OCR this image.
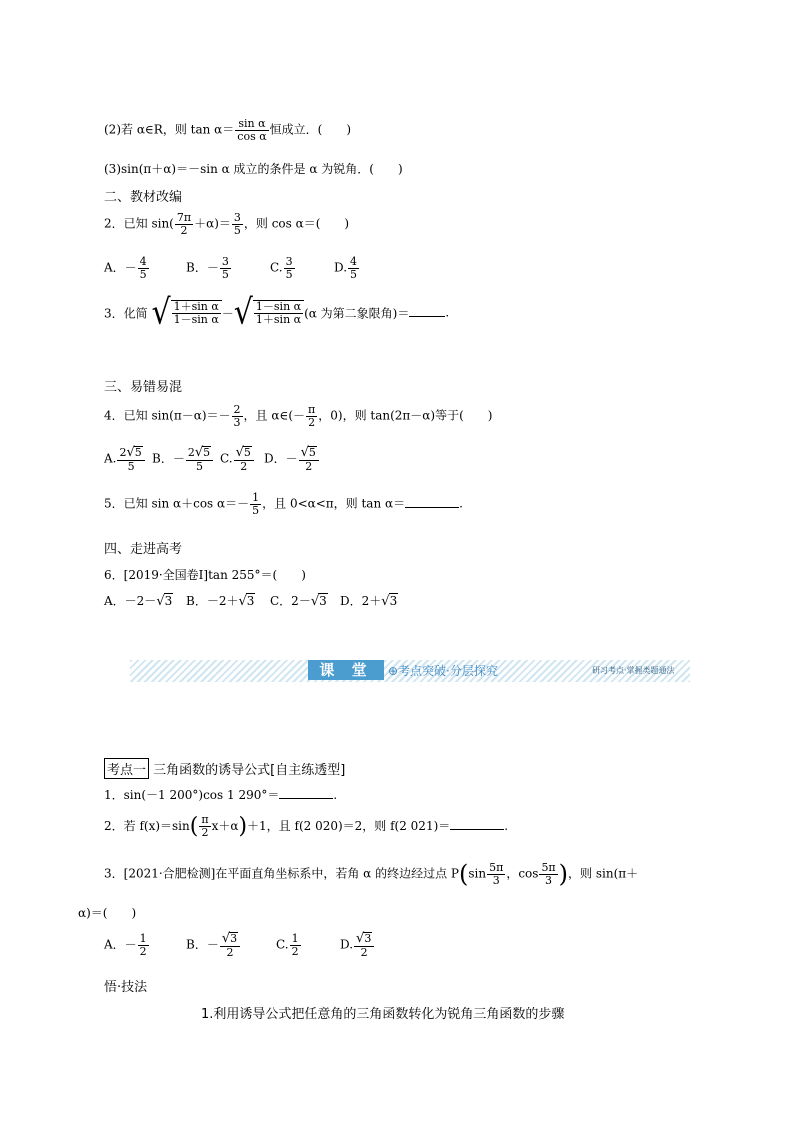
(2)若 α∈R，则 $\tan \alpha= \frac{\text{sin α}}{\text{cos α}}$ 恒成立．(　　)
(3)sin(π＋α)＝－sin α 成立的条件是 α 为锐角．(　　)
二、教材改编
2．已知 $\sin( \frac{7\pi}{2} +\alpha)= \frac{3}{5}$ ，则 cos α＝(　　)
A．－ $\frac{4}{5}$	B．－ $\frac{3}{5}$	C. $\frac{3}{5}$	D. $\frac{4}{5}$
3．化简 √ $\frac{\text{1＋sin α}}{\text{1－sin α}}$ －√ $\frac{\text{1－sin α}}{\text{1＋sin α}} (\alpha$ 为第二象限角)＝	.
三、易错易混
4．已知 $\sin(\pi-\alpha)=- \frac{2}{3}$ ，且 α∈(－ $\frac{\pi}{2}$ ，0)，则 tan(2π－α)等于(　　)
A. $\frac{2√5}{5}$ B．－ $\frac{2√5}{5} C$. $\frac{√5}{2}$ D．－ $\frac{√5}{2}$
5．已知 sin α＋cos $\alpha=- \frac{1}{5}$ ，且 0<α<π，则 tan α＝	.
四、走进高考
6．[2019·全国卷Ⅰ]tan 255°＝(　　)
A．－2－√3 B．－2＋√3 C．2－√3 D．2＋√3
课 堂	⊕考点突破·分层探究	研习考点·掌握类题通法
考点一 三角函数的诱导公式[自主练透型]
1．sin(－1 200°)cos 1 290°＝	.
2．若 $f(x)=\sin( \frac{\pi}{2} x+\alpha)+1$，且 f(2 020)＝2，则 f(2 021)＝	.
3．[2021·合肥检测]在平面直角坐标系中，若角 α 的终边经过点 $P(\sin \frac{5\pi}{3}$ ，$\cos \frac{5\pi}{3}$ )，则 sin(π＋
α)＝(　　)
A．－ $\frac{1}{2}$	B．－ $\frac{√3}{2}$	C. $\frac{1}{2}$	D. $\frac{√3}{2}$
悟·技法
1.利用诱导公式把任意角的三角函数转化为锐角三角函数的步骤
